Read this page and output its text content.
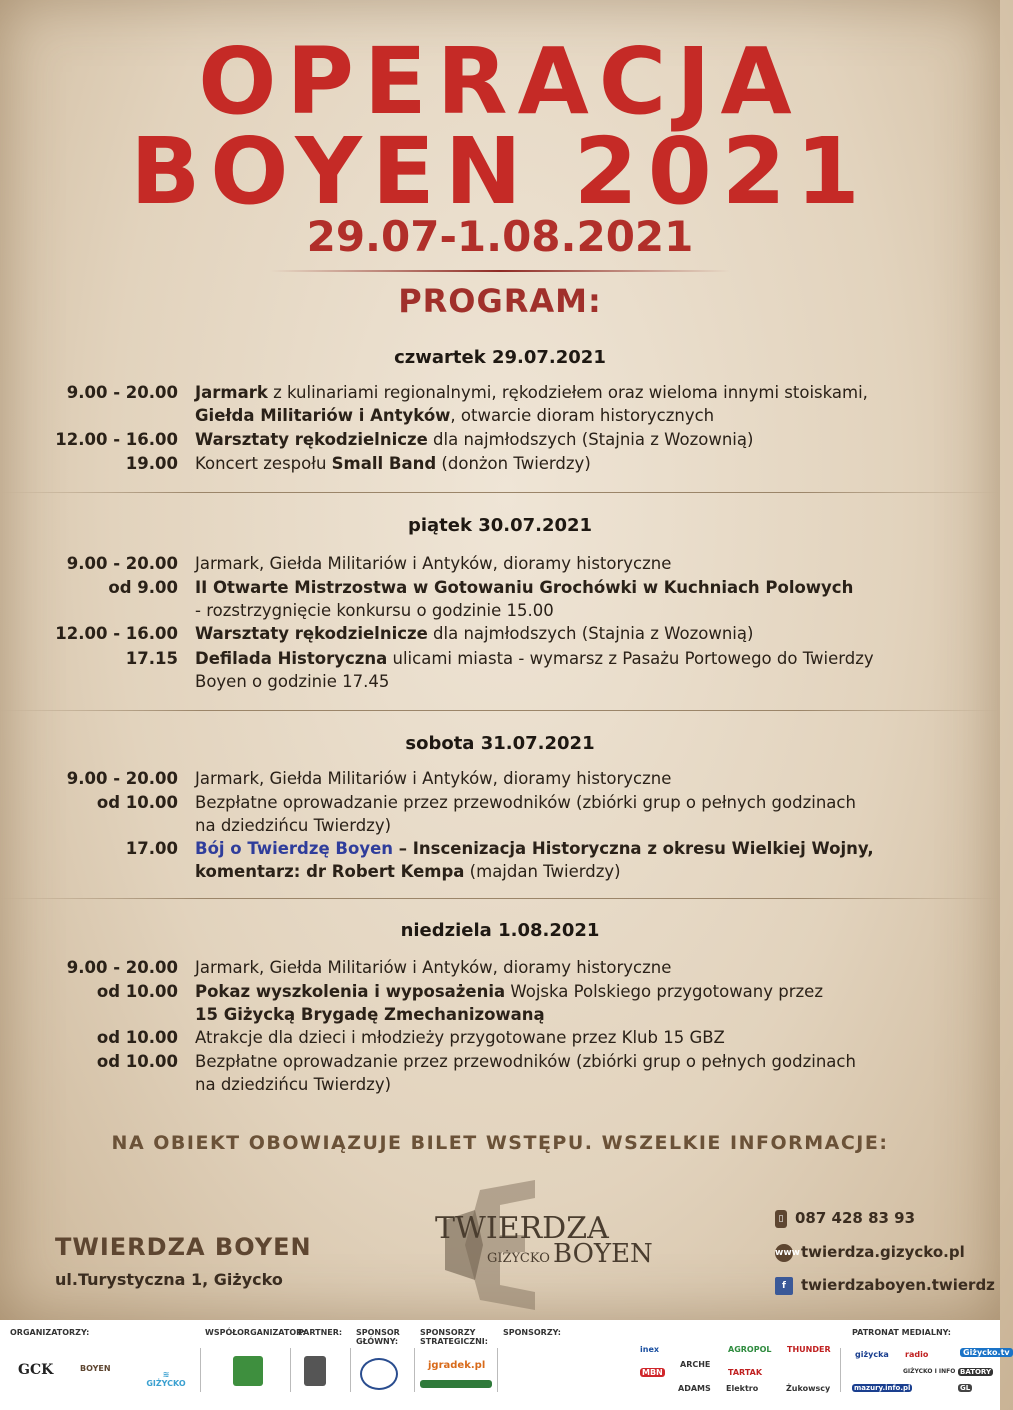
OPERACJA
BOYEN 2021
29.07-1.08.2021
PROGRAM:
czwartek 29.07.2021
9.00 - 20.00 Jarmark z kulinariami regionalnymi, rękodziełem oraz wieloma innymi stoiskami,
Giełda Militariów i Antyków, otwarcie dioram historycznych
12.00 - 16.00 Warsztaty rękodzielnicze dla najmłodszych (Stajnia z Wozownią)
19.00 Koncert zespołu Small Band (donżon Twierdzy)
piątek 30.07.2021
9.00 - 20.00 Jarmark, Giełda Militariów i Antyków, dioramy historyczne
od 9.00 II Otwarte Mistrzostwa w Gotowaniu Grochówki w Kuchniach Polowych
- rozstrzygnięcie konkursu o godzinie 15.00
12.00 - 16.00 Warsztaty rękodzielnicze dla najmłodszych (Stajnia z Wozownią)
17.15 Defilada Historyczna ulicami miasta - wymarsz z Pasażu Portowego do Twierdzy
Boyen o godzinie 17.45
sobota 31.07.2021
9.00 - 20.00 Jarmark, Giełda Militariów i Antyków, dioramy historyczne
od 10.00 Bezpłatne oprowadzanie przez przewodników (zbiórki grup o pełnych godzinach
na dziedzińcu Twierdzy)
17.00 Bój o Twierdzę Boyen – Inscenizacja Historyczna z okresu Wielkiej Wojny,
komentarz: dr Robert Kempa (majdan Twierdzy)
niedziela 1.08.2021
9.00 - 20.00 Jarmark, Giełda Militariów i Antyków, dioramy historyczne
od 10.00 Pokaz wyszkolenia i wyposażenia Wojska Polskiego przygotowany przez
15 Giżycką Brygadę Zmechanizowaną
od 10.00 Atrakcje dla dzieci i młodzieży przygotowane przez Klub 15 GBZ
od 10.00 Bezpłatne oprowadzanie przez przewodników (zbiórki grup o pełnych godzinach
na dziedzińcu Twierdzy)
NA OBIEKT OBOWIĄZUJE BILET WSTĘPU. WSZELKIE INFORMACJE:
TWIERDZA BOYEN
ul.Turystyczna 1, Giżycko
TWIERDZA
GIŻYCKO BOYEN
▯ 087 428 83 93
wwwtwierdza.gizycko.pl
f twierdzaboyen.twierdz
ORGANIZATORZY:	WSPÓŁORGANIZATOR:
PARTNER: SPONSOR
GŁÓWNY:
SPONSORZY
STRATEGICZNI:
SPONSORZY:	PATRONAT MEDIALNY:
GCK	BOYEN
≋
GIŻYCKO
jgradek.pl
inex
MBN
ARCHE
ADAMS
AGROPOL THUNDER
TARTAK
Elektro	Żukowscy
giżycka radio	Giżycko.tv
GIŻYCKO I INFO
mazury.info.pl
BATORY
GL
